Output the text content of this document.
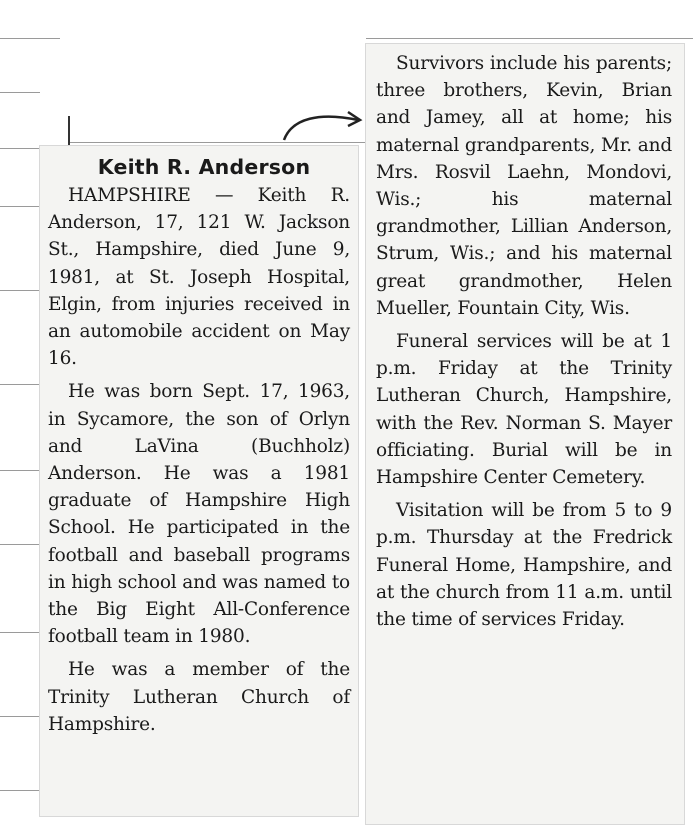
Keith R. Anderson

HAMPSHIRE — Keith R. Anderson, 17, 121 W. Jackson St., Hampshire, died June 9, 1981, at St. Joseph Hospital, Elgin, from injuries received in an automobile accident on May 16.

He was born Sept. 17, 1963, in Sycamore, the son of Orlyn and LaVina (Buchholz) Anderson. He was a 1981 graduate of Hampshire High School. He participated in the football and baseball programs in high school and was named to the Big Eight All-Conference football team in 1980.

He was a member of the Trinity Lutheran Church of Hampshire.

Survivors include his parents; three brothers, Kevin, Brian and Jamey, all at home; his maternal grandparents, Mr. and Mrs. Rosvil Laehn, Mondovi, Wis.; his maternal grandmother, Lillian Anderson, Strum, Wis.; and his maternal great grandmother, Helen Mueller, Fountain City, Wis.

Funeral services will be at 1 p.m. Friday at the Trinity Lutheran Church, Hampshire, with the Rev. Norman S. Mayer officiating. Burial will be in Hampshire Center Cemetery.

Visitation will be from 5 to 9 p.m. Thursday at the Fredrick Funeral Home, Hampshire, and at the church from 11 a.m. until the time of services Friday.
